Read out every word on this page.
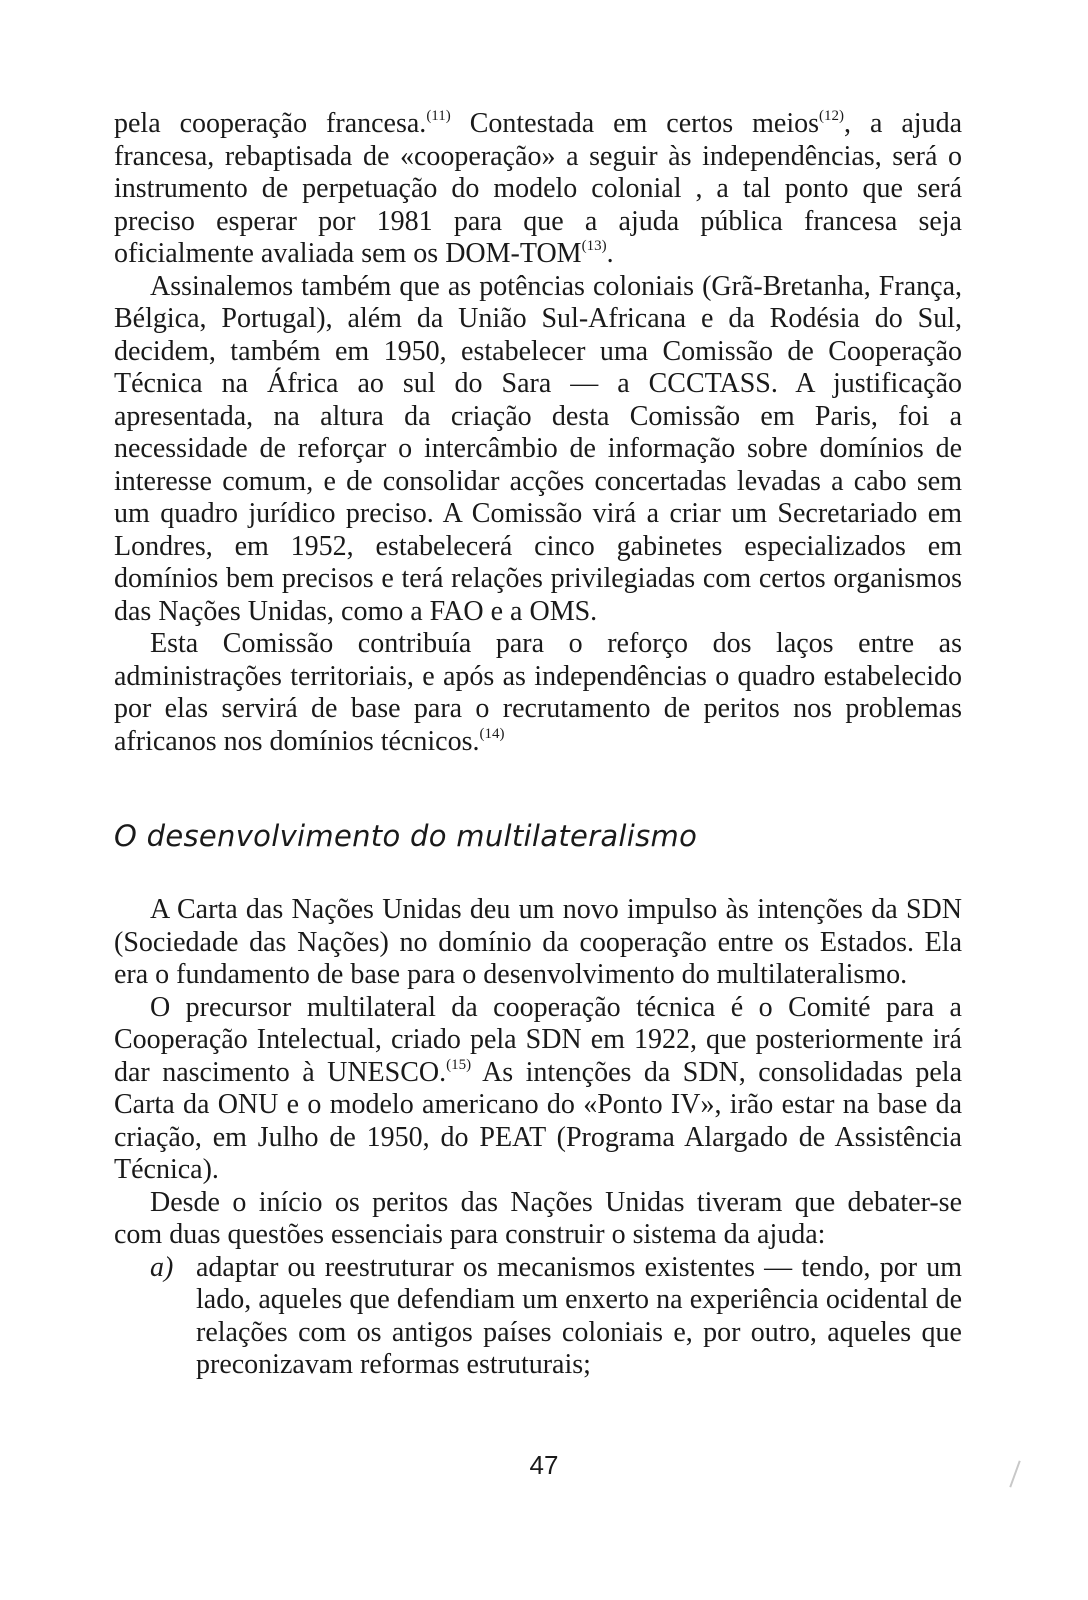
pela cooperação francesa.$^{(11)}$ Contestada em certos meios$^{(12)}$, a ajuda francesa, rebaptisada de «cooperação» a seguir às independências, será o instrumento de perpetuação do modelo colonial , a tal ponto que será preciso esperar por 1981 para que a ajuda pública francesa seja oficialmente avaliada sem os DOM-TOM$^{(13)}$.

Assinalemos também que as potências coloniais (Grã-Bretanha, França, Bélgica, Portugal), além da União Sul-Africana e da Rodésia do Sul, decidem, também em 1950, estabelecer uma Comissão de Cooperação Técnica na África ao sul do Sara — a CCCTASS. A justificação apresentada, na altura da criação desta Comissão em Paris, foi a necessidade de reforçar o intercâmbio de informação sobre domínios de interesse comum, e de consolidar acções concertadas levadas a cabo sem um quadro jurídico preciso. A Comissão virá a criar um Secretariado em Londres, em 1952, estabelecerá cinco gabinetes especializados em domínios bem precisos e terá relações privilegiadas com certos organismos das Nações Unidas, como a FAO e a OMS.

Esta Comissão contribuía para o reforço dos laços entre as administrações territoriais, e após as independências o quadro estabelecido por elas servirá de base para o recrutamento de peritos nos problemas africanos nos domínios técnicos.$^{(14)}$

O desenvolvimento do multilateralismo

A Carta das Nações Unidas deu um novo impulso às intenções da SDN (Sociedade das Nações) no domínio da cooperação entre os Estados. Ela era o fundamento de base para o desenvolvimento do multilateralismo.

O precursor multilateral da cooperação técnica é o Comité para a Cooperação Intelectual, criado pela SDN em 1922, que posteriormente irá dar nascimento à UNESCO.$^{(15)}$ As intenções da SDN, consolidadas pela Carta da ONU e o modelo americano do «Ponto IV», irão estar na base da criação, em Julho de 1950, do PEAT (Programa Alargado de Assistência Técnica).

Desde o início os peritos das Nações Unidas tiveram que debater-se com duas questões essenciais para construir o sistema da ajuda:

a) adaptar ou reestruturar os mecanismos existentes — tendo, por um lado, aqueles que defendiam um enxerto na experiência ocidental de relações com os antigos países coloniais e, por outro, aqueles que preconizavam reformas estruturais;
47
